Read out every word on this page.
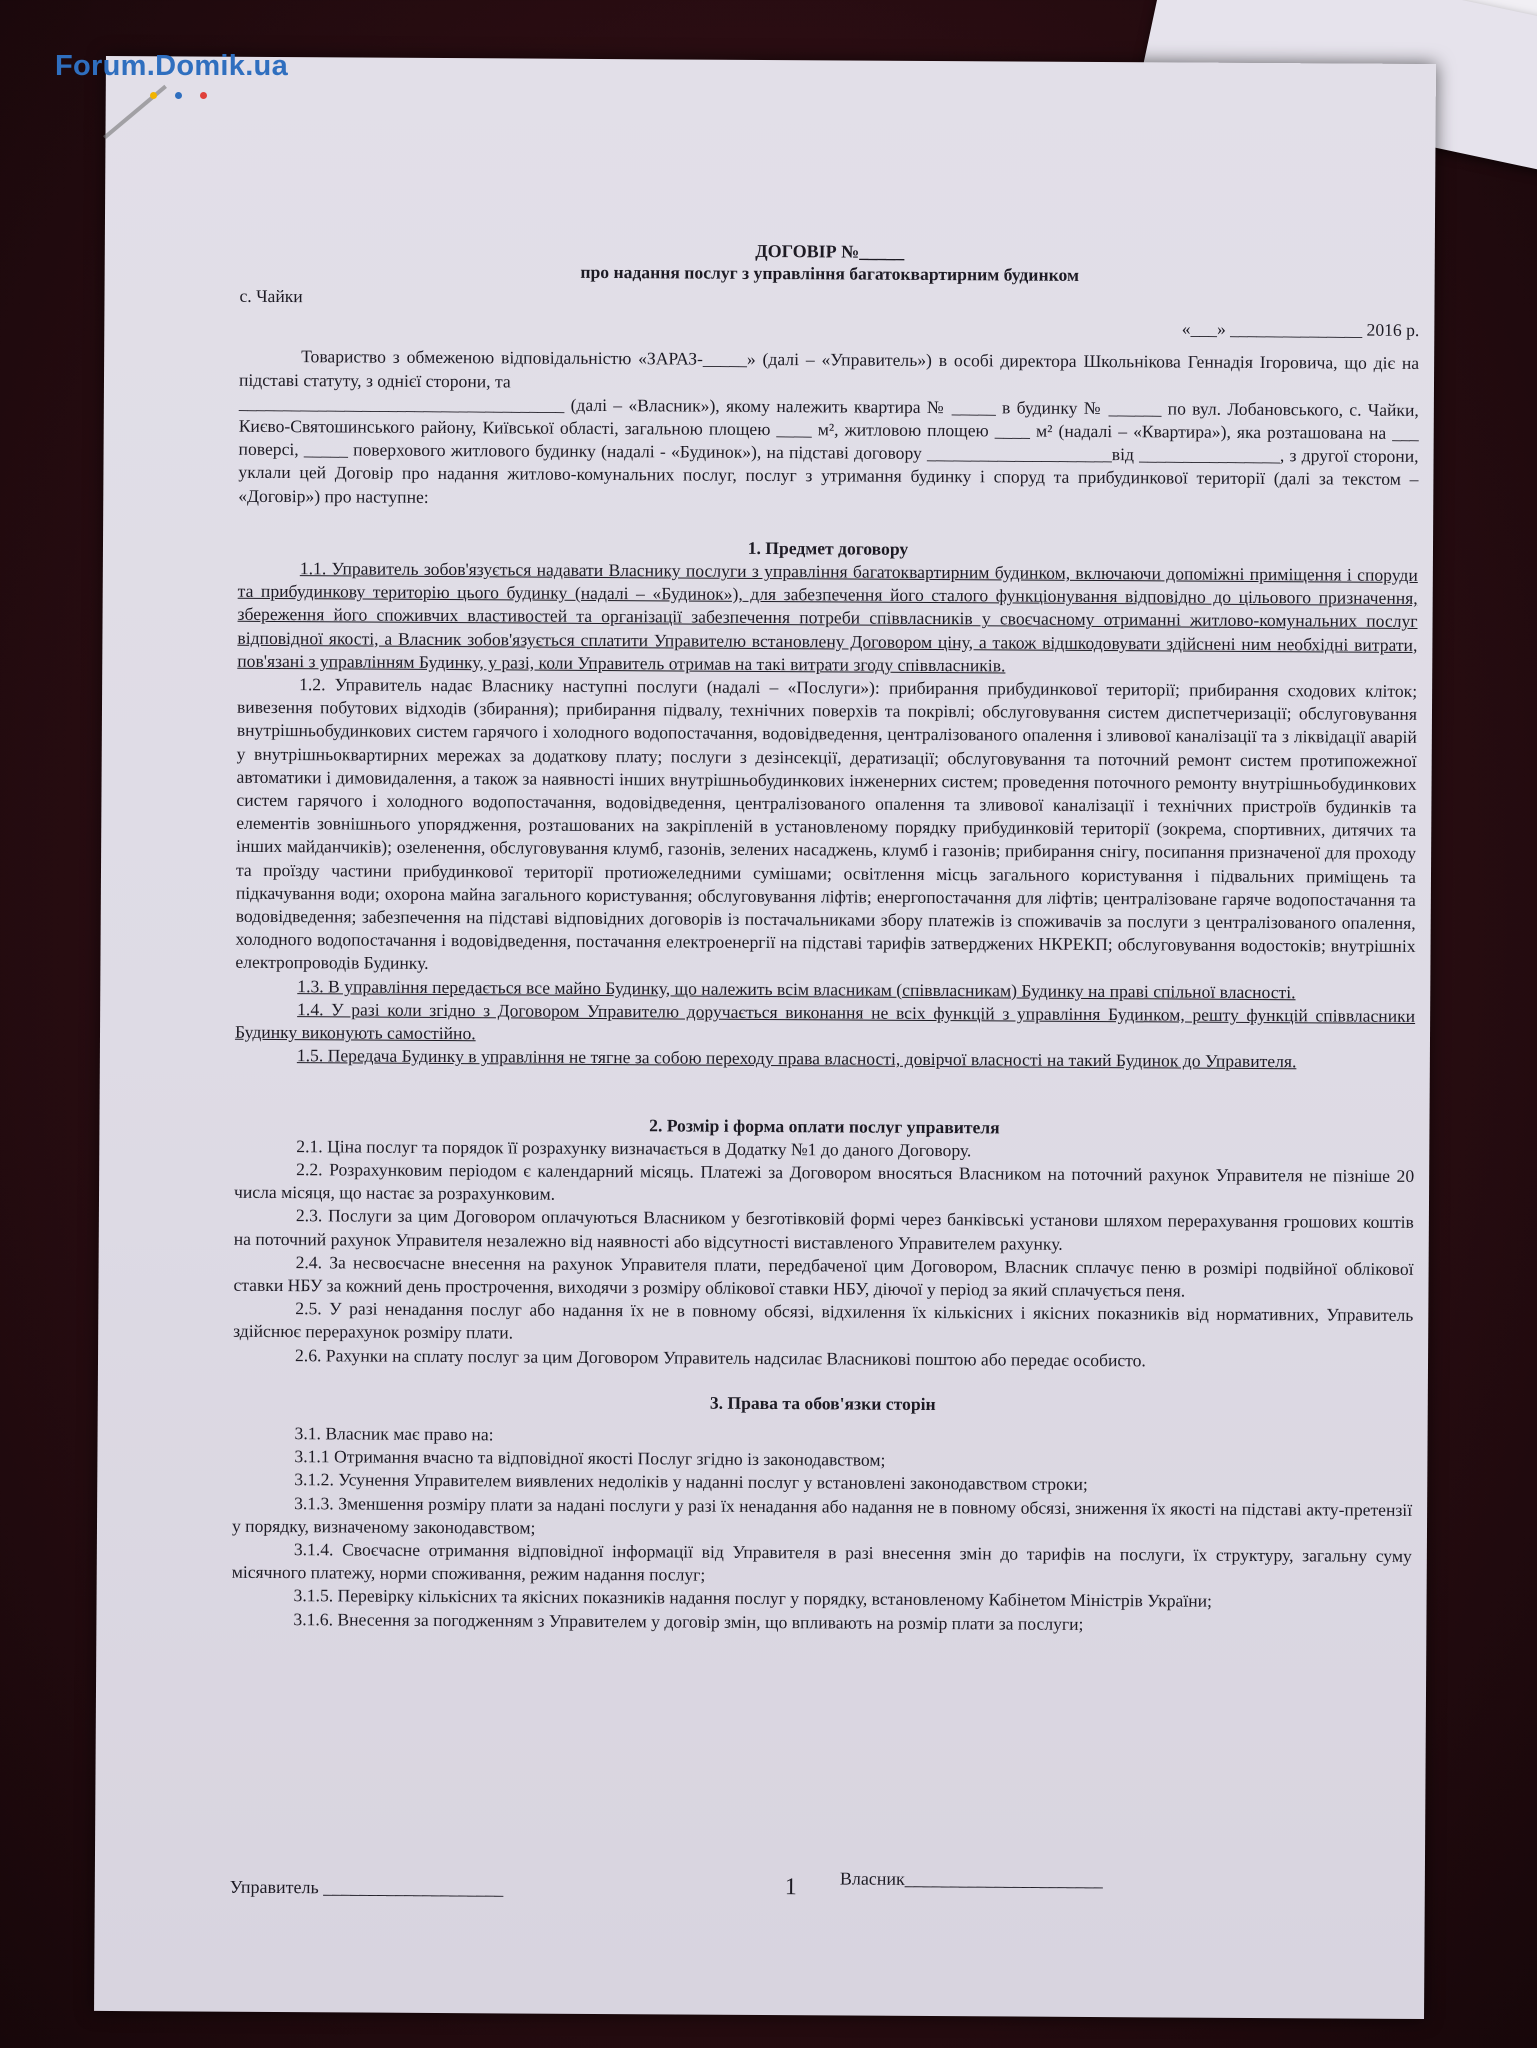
ДОГОВІР №_____
про надання послуг з управління багатоквартирним будинком
с. Чайки
«___» _______________ 2016 р.
Товариство з обмеженою відповідальністю «ЗАРАЗ-_____» (далі – «Управитель») в особі директора Школьнікова Геннадія Ігоровича, що діє на підставі статуту, з однієї сторони, та
_____________________________________ (далі – «Власник»), якому належить квартира № _____ в будинку № ______ по вул. Лобановського, с. Чайки, Києво-Святошинського району, Київської області, загальною площею ____ м², житловою площею ____ м² (надалі – «Квартира»), яка розташована на ___ поверсі, _____ поверхового житлового будинку (надалі - «Будинок»), на підставі договору _____________________від ________________, з другої сторони, уклали цей Договір про надання житлово-комунальних послуг, послуг з утримання будинку і споруд та прибудинкової території (далі за текстом – «Договір») про наступне:
1. Предмет договору
1.1. Управитель зобов'язується надавати Власнику послуги з управління багатоквартирним будинком, включаючи допоміжні приміщення і споруди та прибудинкову територію цього будинку (надалі – «Будинок»), для забезпечення його сталого функціонування відповідно до цільового призначення, збереження його споживчих властивостей та організації забезпечення потреби співвласників у своєчасному отриманні житлово-комунальних послуг відповідної якості, а Власник зобов'язується сплатити Управителю встановлену Договором ціну, а також відшкодовувати здійснені ним необхідні витрати, пов'язані з управлінням Будинку, у разі, коли Управитель отримав на такі витрати згоду співвласників.
1.2. Управитель надає Власнику наступні послуги (надалі – «Послуги»): прибирання прибудинкової території; прибирання сходових кліток; вивезення побутових відходів (збирання); прибирання підвалу, технічних поверхів та покрівлі; обслуговування систем диспетчеризації; обслуговування внутрішньобудинкових систем гарячого і холодного водопостачання, водовідведення, централізованого опалення і зливової каналізації та з ліквідації аварій у внутрішньоквартирних мережах за додаткову плату; послуги з дезінсекції, дератизації; обслуговування та поточний ремонт систем протипожежної автоматики і димовидалення, а також за наявності інших внутрішньобудинкових інженерних систем; проведення поточного ремонту внутрішньобудинкових систем гарячого і холодного водопостачання, водовідведення, централізованого опалення та зливової каналізації і технічних пристроїв будинків та елементів зовнішнього упорядження, розташованих на закріпленій в установленому порядку прибудинковій території (зокрема, спортивних, дитячих та інших майданчиків); озеленення, обслуговування клумб, газонів, зелених насаджень, клумб і газонів; прибирання снігу, посипання призначеної для проходу та проїзду частини прибудинкової території протиожеледними сумішами; освітлення місць загального користування і підвальних приміщень та підкачування води; охорона майна загального користування; обслуговування ліфтів; енергопостачання для ліфтів; централізоване гаряче водопостачання та водовідведення; забезпечення на підставі відповідних договорів із постачальниками збору платежів із споживачів за послуги з централізованого опалення, холодного водопостачання і водовідведення, постачання електроенергії на підставі тарифів затверджених НКРЕКП; обслуговування водостоків; внутрішніх електропроводів Будинку.
1.3. В управління передається все майно Будинку, що належить всім власникам (співвласникам) Будинку на праві спільної власності.
1.4. У разі коли згідно з Договором Управителю доручається виконання не всіх функцій з управління Будинком, решту функцій співвласники Будинку виконують самостійно.
1.5. Передача Будинку в управління не тягне за собою переходу права власності, довірчої власності на такий Будинок до Управителя.
2. Розмір і форма оплати послуг управителя
2.1. Ціна послуг та порядок її розрахунку визначається в Додатку №1 до даного Договору.
2.2. Розрахунковим періодом є календарний місяць. Платежі за Договором вносяться Власником на поточний рахунок Управителя не пізніше 20 числа місяця, що настає за розрахунковим.
2.3. Послуги за цим Договором оплачуються Власником у безготівковій формі через банківські установи шляхом перерахування грошових коштів на поточний рахунок Управителя незалежно від наявності або відсутності виставленого Управителем рахунку.
2.4. За несвоєчасне внесення на рахунок Управителя плати, передбаченої цим Договором, Власник сплачує пеню в розмірі подвійної облікової ставки НБУ за кожний день прострочення, виходячи з розміру облікової ставки НБУ, діючої у період за який сплачується пеня.
2.5. У разі ненадання послуг або надання їх не в повному обсязі, відхилення їх кількісних і якісних показників від нормативних, Управитель здійснює перерахунок розміру плати.
2.6. Рахунки на сплату послуг за цим Договором Управитель надсилає Власникові поштою або передає особисто.
3. Права та обов'язки сторін
3.1. Власник має право на:
3.1.1 Отримання вчасно та відповідної якості Послуг згідно із законодавством;
3.1.2. Усунення Управителем виявлених недоліків у наданні послуг у встановлені законодавством строки;
3.1.3. Зменшення розміру плати за надані послуги у разі їх ненадання або надання не в повному обсязі, зниження їх якості на підставі акту-претензії у порядку, визначеному законодавством;
3.1.4. Своєчасне отримання відповідної інформації від Управителя в разі внесення змін до тарифів на послуги, їх структуру, загальну суму місячного платежу, норми споживання, режим надання послуг;
3.1.5. Перевірку кількісних та якісних показників надання послуг у порядку, встановленому Кабінетом Міністрів України;
3.1.6. Внесення за погодженням з Управителем у договір змін, що впливають на розмір плати за послуги;
Управитель ____________________	1 Власник______________________
Forum.Domik.ua
